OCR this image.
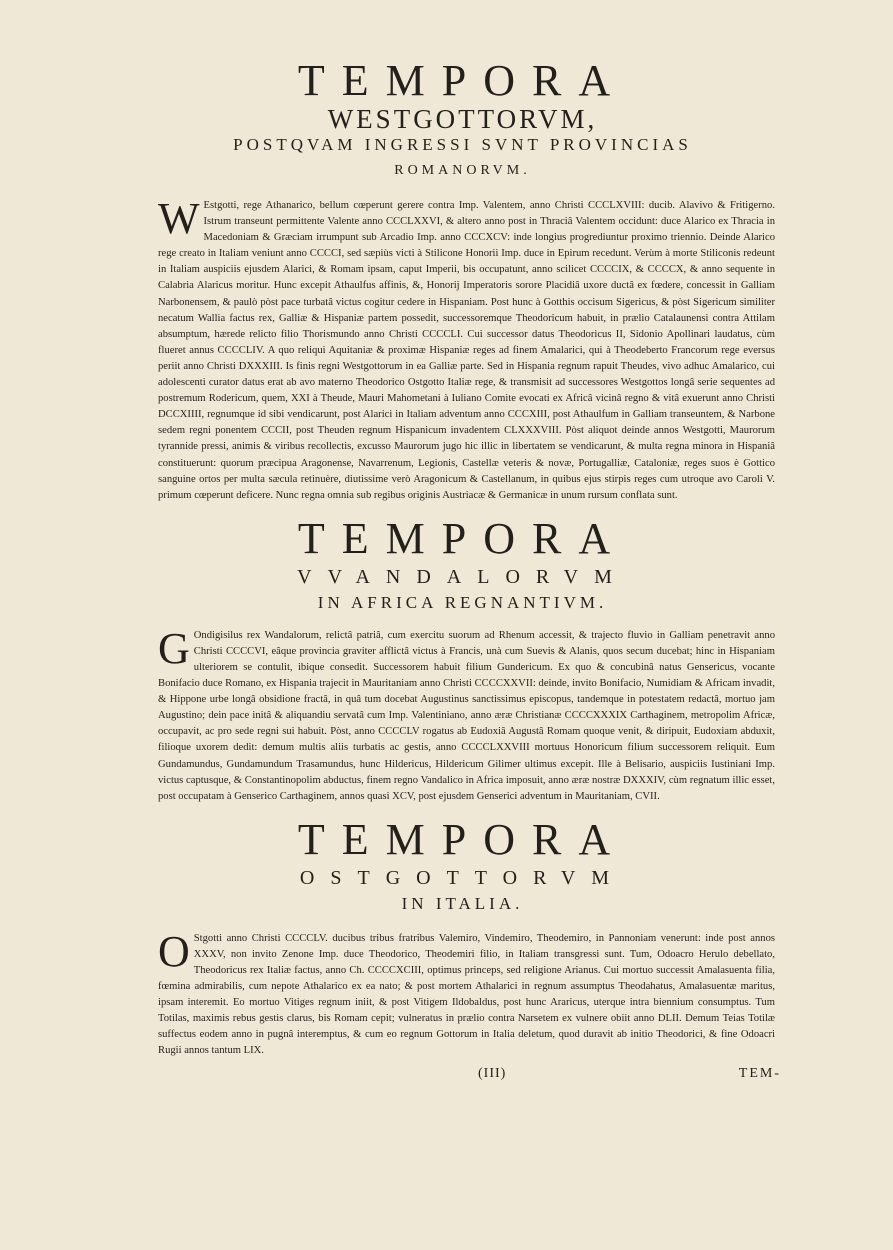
TEMPORA
WESTGOTTORVM,
POSTQVAM INGRESSI SVNT PROVINCIAS
ROMANORVM.

W Estgotti, rege Athanarico, bellum cœperunt gerere contra Imp. Valentem, anno Christi CCCLXVIII: ducib. Alavivo & Fritigerno. Istrum transeunt permittente Valente anno CCCLXXVI, & altero anno post in Thraciâ Valentem occidunt: duce Alarico ex Thracia in Macedoniam & Græciam irrumpunt sub Arcadio Imp. anno CCCXCV: inde longius progrediuntur proximo triennio. Deinde Alarico rege creato in Italiam veniunt anno CCCCI, sed sæpiùs victi à Stilicone Honorii Imp. duce in Epirum recedunt. Verùm à morte Stiliconis redeunt in Italiam auspiciis ejusdem Alarici, & Romam ipsam, caput Imperii, bis occupatunt, anno scilicet CCCCIX, & CCCCX, & anno sequente in Calabria Alaricus moritur. Hunc excepit Athaulfus affinis, &, Honorij Imperatoris sorore Placidiâ uxore ductâ ex fœdere, concessit in Galliam Narbonensem, & paulò pòst pace turbatâ victus cogitur cedere in Hispaniam. Post hunc à Gotthis occisum Sigericus, & pòst Sigericum similiter necatum Wallia factus rex, Galliæ & Hispaniæ partem possedit, successoremque Theodoricum habuit, in prælio Catalaunensi contra Attilam absumptum, hærede relicto filio Thorismundo anno Christi CCCCLI. Cui successor datus Theodoricus II, Sidonio Apollinari laudatus, cùm flueret annus CCCCLIV. A quo reliqui Aquitaniæ & proximæ Hispaniæ reges ad finem Amalarici, qui à Theodeberto Francorum rege eversus periit anno Christi DXXXIII. Is finis regni Westgottorum in ea Galliæ parte. Sed in Hispania regnum rapuit Theudes, vivo adhuc Amalarico, cui adolescenti curator datus erat ab avo materno Theodorico Ostgotto Italiæ rege, & transmisit ad successores Westgottos longâ serie sequentes ad postremum Rodericum, quem, XXI à Theude, Mauri Mahometani à Iuliano Comite evocati ex Africâ vicinâ regno & vitâ exuerunt anno Christi DCCXIIII, regnumque id sibi vendicarunt, post Alarici in Italiam adventum anno CCCXIII, post Athaulfum in Galliam transeuntem, & Narbone sedem regni ponentem CCCII, post Theuden regnum Hispanicum invadentem CLXXXVIII. Pòst aliquot deinde annos Westgotti, Maurorum tyrannide pressi, animis & viribus recollectis, excusso Maurorum jugo hic illic in libertatem se vendicarunt, & multa regna minora in Hispaniâ constituerunt: quorum præcipua Aragonense, Navarrenum, Legionis, Castellæ veteris & novæ, Portugalliæ, Cataloniæ, reges suos è Gottico sanguine ortos per multa sæcula retinuère, diutissime verò Aragonicum & Castellanum, in quibus ejus stirpis reges cum utroque avo Caroli V. primum cœperunt deficere. Nunc regna omnia sub regibus originis Austriacæ & Germanicæ in unum rursum conflata sunt.

TEMPORA
VVANDALORVM
IN AFRICA REGNANTIVM.

G Ondigisilus rex Wandalorum, relictâ patriâ, cum exercitu suorum ad Rhenum accessit, & trajecto fluvio in Galliam penetravit anno Christi CCCCVI, eâque provincia graviter afflictâ victus à Francis, unà cum Suevis & Alanis, quos secum ducebat; hinc in Hispaniam ulteriorem se contulit, ibique consedit. Successorem habuit filium Gundericum. Ex quo & concubinâ natus Gensericus, vocante Bonifacio duce Romano, ex Hispania trajecit in Mauritaniam anno Christi CCCCXXVII: deinde, invito Bonifacio, Numidiam & Africam invadit, & Hippone urbe longâ obsidione fractâ, in quâ tum docebat Augustinus sanctissimus episcopus, tandemque in potestatem redactâ, mortuo jam Augustino; dein pace initâ & aliquandiu servatâ cum Imp. Valentiniano, anno æræ Christianæ CCCCXXXIX Carthaginem, metropolim Africæ, occupavit, ac pro sede regni sui habuit. Pòst, anno CCCCLV rogatus ab Eudoxiâ Augustâ Romam quoque venit, & diripuit, Eudoxiam abduxit, filioque uxorem dedit: demum multis aliis turbatis ac gestis, anno CCCCLXXVIII mortuus Honoricum filium successorem reliquit. Eum Gundamundus, Gundamundum Trasamundus, hunc Hildericus, Hildericum Gilimer ultimus excepit. Ille à Belisario, auspiciis Iustiniani Imp. victus captusque, & Constantinopolim abductus, finem regno Vandalico in Africa imposuit, anno æræ nostræ DXXXIV, cùm regnatum illic esset, post occupatam à Genserico Carthaginem, annos quasi XCV, post ejusdem Genserici adventum in Mauritaniam, CVII.

TEMPORA
OSTGOTTORVM
IN ITALIA.

O Stgotti anno Christi CCCCLV. ducibus tribus fratribus Valemiro, Vindemiro, Theodemiro, in Pannoniam venerunt: inde post annos XXXV, non invito Zenone Imp. duce Theodorico, Theodemiri filio, in Italiam transgressi sunt. Tum, Odoacro Herulo debellato, Theodoricus rex Italiæ factus, anno Ch. CCCCXCIII, optimus princeps, sed religione Arianus. Cui mortuo successit Amalasuenta filia, fœmina admirabilis, cum nepote Athalarico ex ea nato; & post mortem Athalarici in regnum assumptus Theodahatus, Amalasuentæ maritus, ipsam interemit. Eo mortuo Vitiges regnum iniit, & post Vitigem Ildobaldus, post hunc Araricus, uterque intra biennium consumptus. Tum Totilas, maximis rebus gestis clarus, bis Romam cepit; vulneratus in prælio contra Narsetem ex vulnere obiit anno DLII. Demum Teias Totilæ suffectus eodem anno in pugnâ interemptus, & cum eo regnum Gottorum in Italia deletum, quod duravit ab initio Theodorici, & fine Odoacri Rugii annos tantum LIX.

(III)	TEM-
